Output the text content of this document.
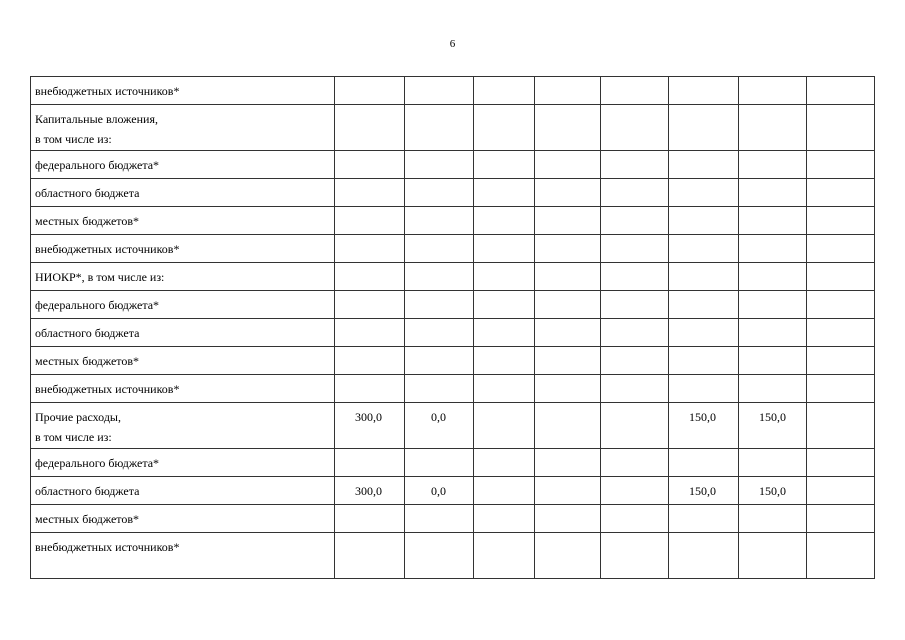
6
внебюджетных источников*								

Капитальные вложения,
в том числе из:								

федерального бюджета*								

областного бюджета								

местных бюджетов*								

внебюджетных источников*								

НИОКР*, в том числе из:								

федерального бюджета*								

областного бюджета								

местных бюджетов*								

внебюджетных источников*								

Прочие расходы,
в том числе из:	300,0	0,0				150,0	150,0	

федерального бюджета*								

областного бюджета	300,0	0,0				150,0	150,0	

местных бюджетов*								

внебюджетных источников*								
